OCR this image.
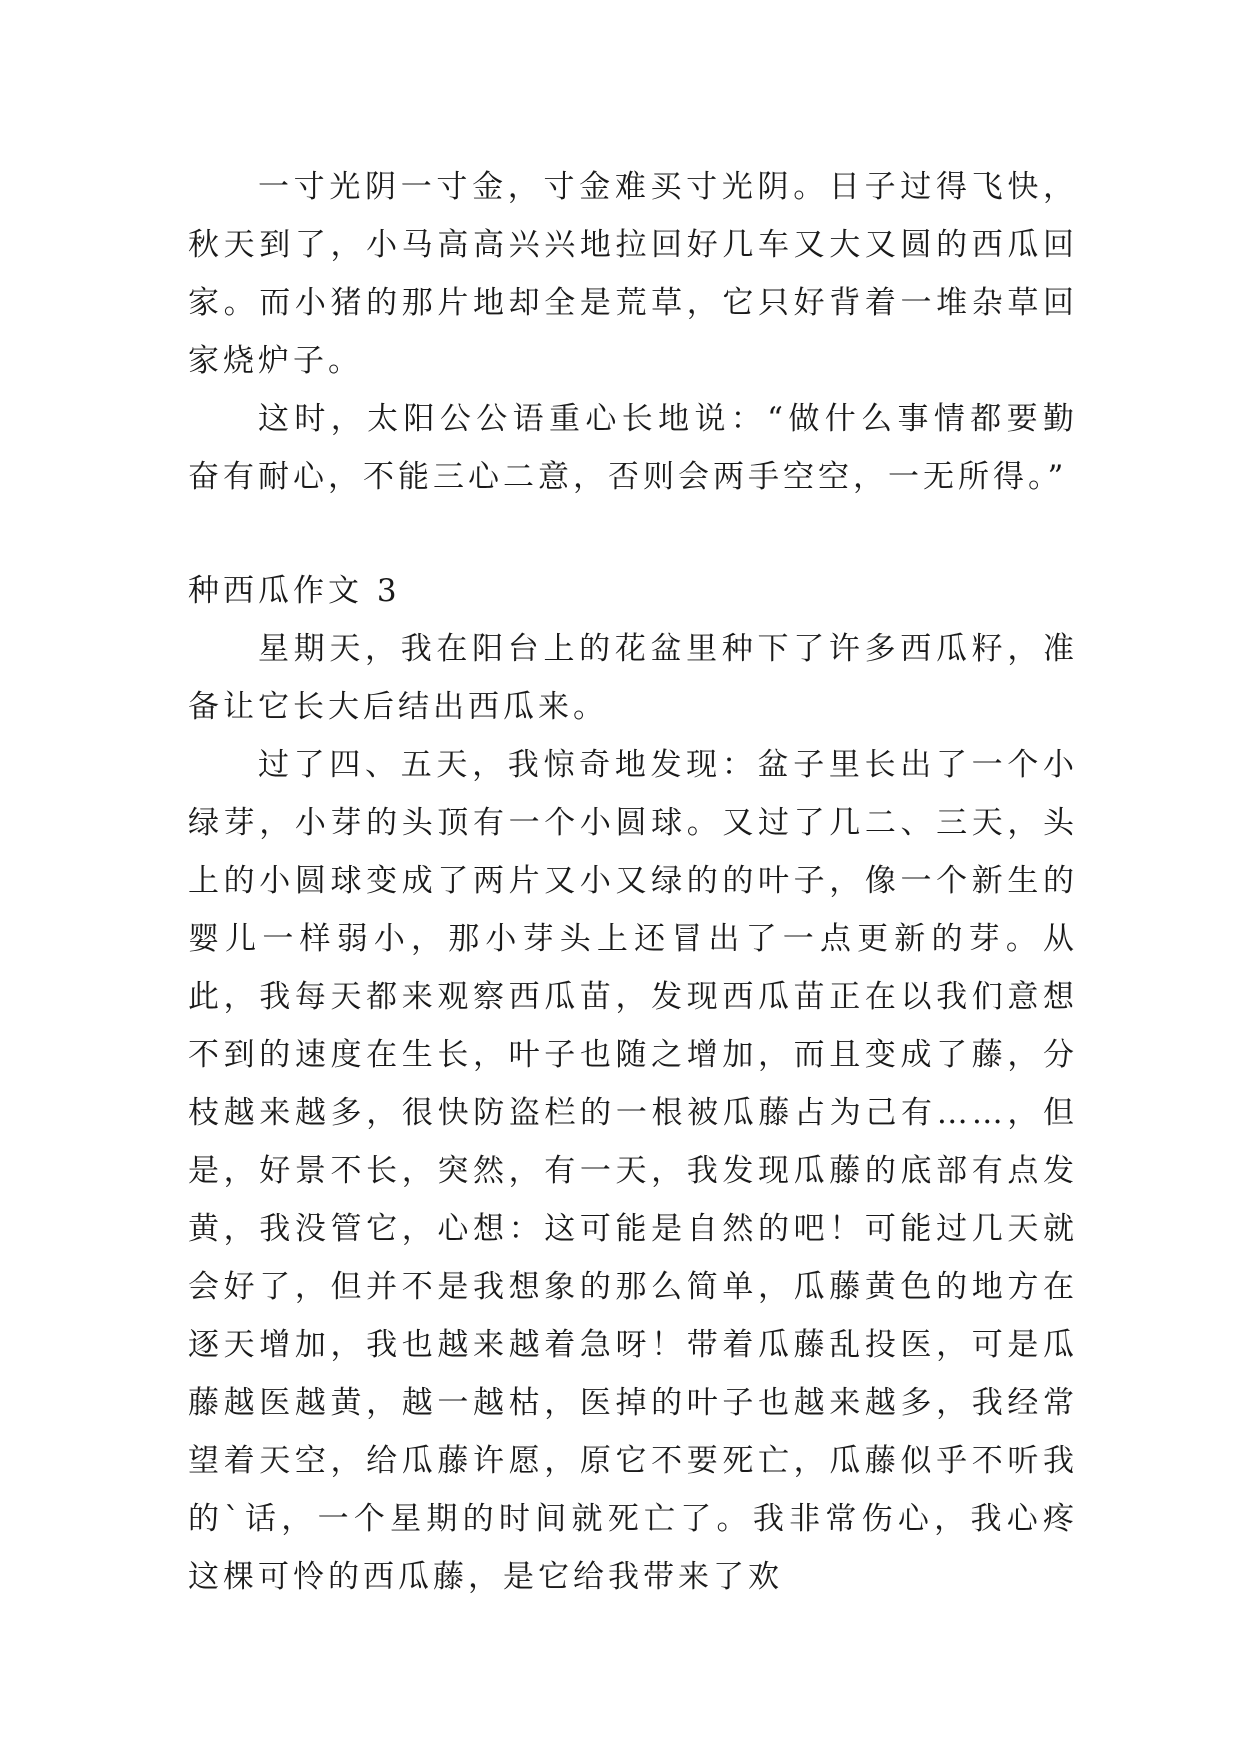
一寸光阴一寸金，寸金难买寸光阴。日子过得飞快，秋天到了，小马高高兴兴地拉回好几车又大又圆的西瓜回家。而小猪的那片地却全是荒草，它只好背着一堆杂草回家烧炉子。

这时，太阳公公语重心长地说：“做什么事情都要勤奋有耐心，不能三心二意，否则会两手空空，一无所得。”

种西瓜作文 3

星期天，我在阳台上的花盆里种下了许多西瓜籽，准备让它长大后结出西瓜来。

过了四、五天，我惊奇地发现：盆子里长出了一个小绿芽，小芽的头顶有一个小圆球。又过了几二、三天，头上的小圆球变成了两片又小又绿的的叶子，像一个新生的婴儿一样弱小，那小芽头上还冒出了一点更新的芽。从此，我每天都来观察西瓜苗，发现西瓜苗正在以我们意想不到的速度在生长，叶子也随之增加，而且变成了藤，分枝越来越多，很快防盗栏的一根被瓜藤占为己有……，但是，好景不长，突然，有一天，我发现瓜藤的底部有点发黄，我没管它，心想：这可能是自然的吧！可能过几天就会好了，但并不是我想象的那么简单，瓜藤黄色的地方在逐天增加，我也越来越着急呀！带着瓜藤乱投医，可是瓜藤越医越黄，越一越枯，医掉的叶子也越来越多，我经常望着天空，给瓜藤许愿，原它不要死亡，瓜藤似乎不听我的`话，一个星期的时间就死亡了。我非常伤心，我心疼这棵可怜的西瓜藤，是它给我带来了欢
